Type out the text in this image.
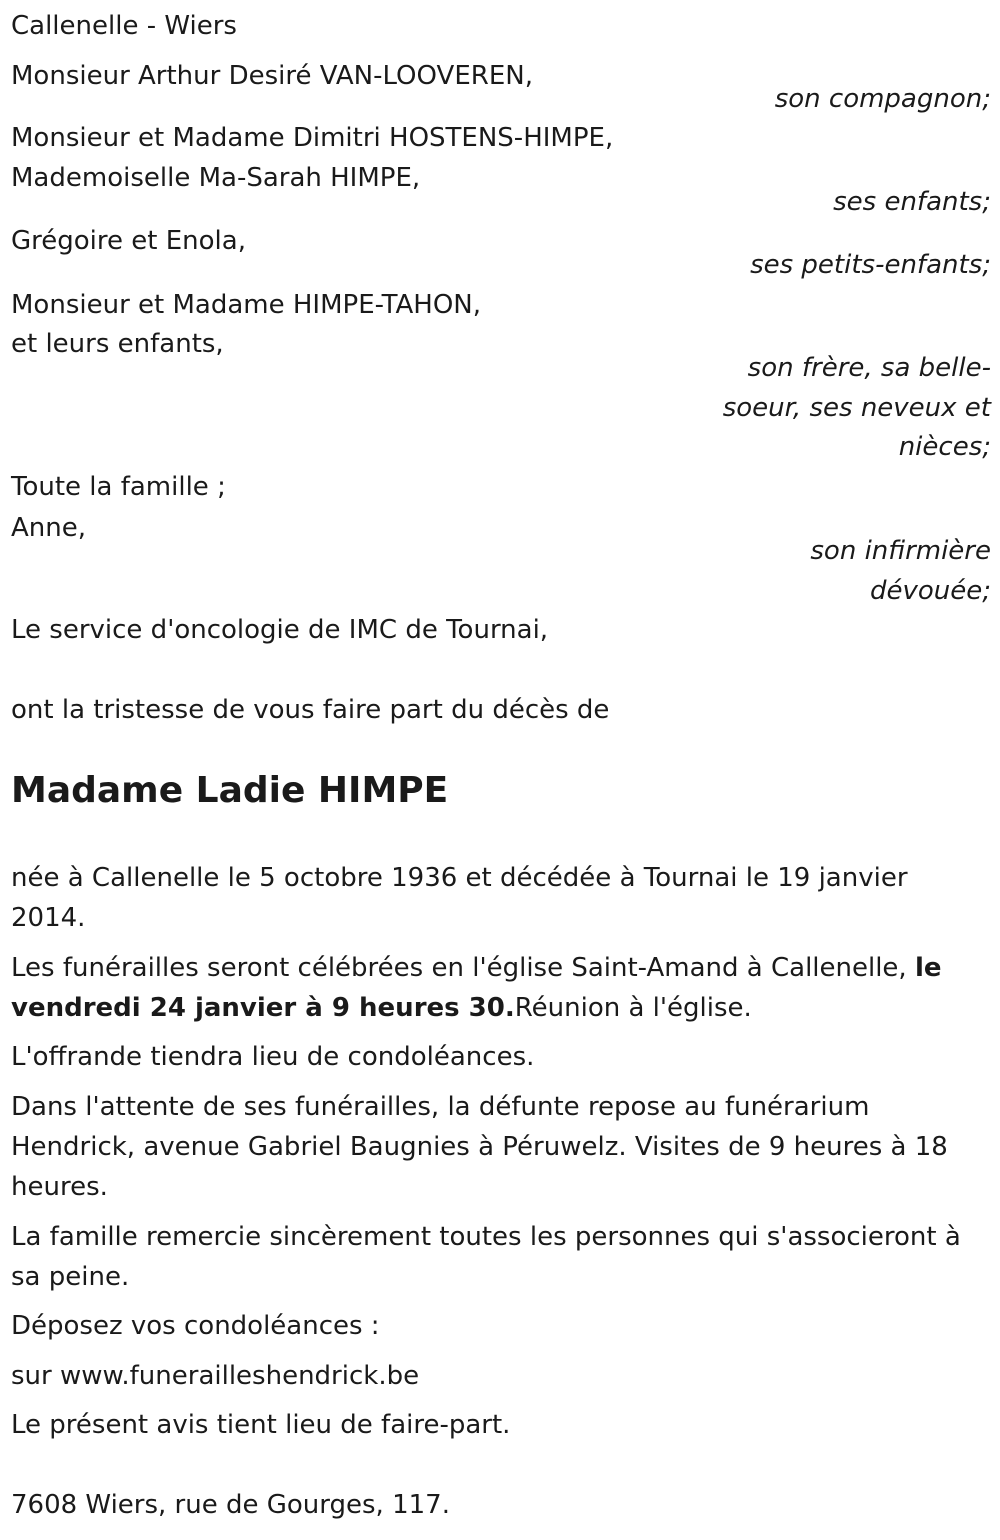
Callenelle - Wiers
Monsieur Arthur Desiré VAN-LOOVEREN,
son compagnon;
Monsieur et Madame Dimitri HOSTENS-HIMPE,
Mademoiselle Ma-Sarah HIMPE,
ses enfants;
Grégoire et Enola,
ses petits-enfants;
Monsieur et Madame HIMPE-TAHON,
et leurs enfants,
son frère, sa belle-
soeur, ses neveux et
nièces;
Toute la famille ;
Anne,
son infirmière
dévouée;
Le service d'oncologie de IMC de Tournai,
ont la tristesse de vous faire part du décès de
Madame Ladie HIMPE

née à Callenelle le 5 octobre 1936 et décédée à Tournai le 19 janvier 2014.

Les funérailles seront célébrées en l'église Saint-Amand à Callenelle, le vendredi 24 janvier à 9 heures 30.Réunion à l'église.

L'offrande tiendra lieu de condoléances.

Dans l'attente de ses funérailles, la défunte repose au funérarium Hendrick, avenue Gabriel Baugnies à Péruwelz. Visites de 9 heures à 18 heures.

La famille remercie sincèrement toutes les personnes qui s'associeront à sa peine.

Déposez vos condoléances :
sur www.funerailleshendrick.be
Le présent avis tient lieu de faire-part.
7608 Wiers, rue de Gourges, 117.
